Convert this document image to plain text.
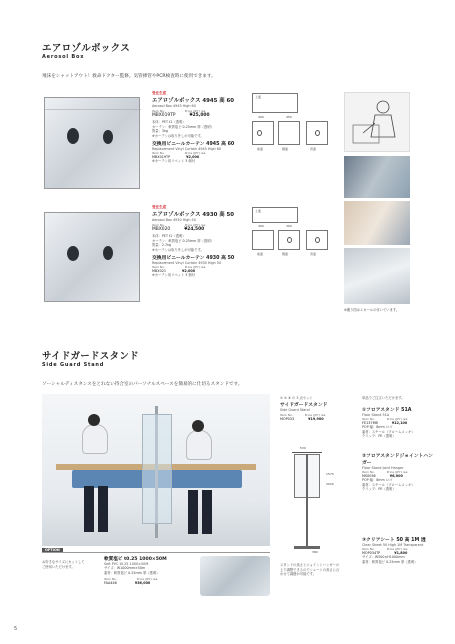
エアロゾルボックス
Aerosol Box
飛沫をシャットアウト！救命ドクター監修。気管挿管やPCR検査時に使用できます。
受注生産
エアロゾルボックス 4945 高 60
Aerosol Box 4945 High 60
Item No.	Price (JPY) /ea
MBX019TP	¥25,000
本体：PET t2（透明）
カーテン：軟質塩ビ 0.25mm 厚（透明）
質量：3kg
※カーテンは取り外しが可能です。
交換用ビニールカーテン 4945 高 60
Replacement Vinyl Curtain 4945 High 60
Item No.	Price (JPY) /ea
MBX019TP	¥2,000
※カーテン用リベット 3 個付
上面
490	450
前面	側面	背面
受注生産
エアロゾルボックス 4930 高 50
Aerosol Box 4930 High 50
Item No.	Price (JPY) /ea
MBX020	¥24,500
本体：PET t2（透明）
カーテン：軟質塩ビ 0.25mm 厚（透明）
質量：2.7kg
※カーテンは取り外しが可能です。
交換用ビニールカーテン 4930 高 50
Replacement Vinyl Curtain 4930 High 50
Item No.	Price (JPY) /ea
MBX021	¥2,000
※カーテン用リベット 3 個付
上面
490	300
前面	側面	背面
※撮り図はエカールの付いています。
サイドガードスタンド
Side Guard Stand
ソーシャルディスタンスをとれない待合室のパーソナルスペースを簡易的に仕切るスタンドです。
OPTION
お好きなサイズにカットして
ご使用いただけます。
軟質塩ビ t0.25 1000×50M
Soft PVC t0.25 1000×50M
サイズ：W1000mm×50m
素材：軟質塩ビ 0.25mm 厚（透明）
Item No.	Price (JPY) /ea
FAA446	¥36,000
① ② ③ の 3 点セット
サイドガードスタンド
Side Guard Stand
Item No.	Price (JPY) /ea
MOP033	¥19,900
530
1570
2020
380
スタンドの高さとジョイントハンガーの上下調整できるのでシュートの高さに合わせて調節が可能です。
単品でご注文いただけます。
①フロアスタンド 51A
Floor Stand 51A
Item No.	Price (JPY) /ea
FE137MB	¥12,100
POP 幅：8mm ロゴ
素材：スチール（プロームメッキ）
クリップ：PE（透明）
②フロアスタンドジョイントハンガー
Floor Stand Joint Hanger
Item No.	Price (JPY) /ea
MS0036	¥6,000
POP 幅：8mm ロゴ
素材：スチール（プロームメッキ）
クリップ：PE（透明）
③クリアシート 50 高 1M 透
Clear Sheet 50 High 1M Transparent
Item No.	Price (JPY) /ea
MOP034TP	¥1,800
サイズ：W500×H1000mm
素材：軟質塩ビ 0.25mm 厚（透明）
5
